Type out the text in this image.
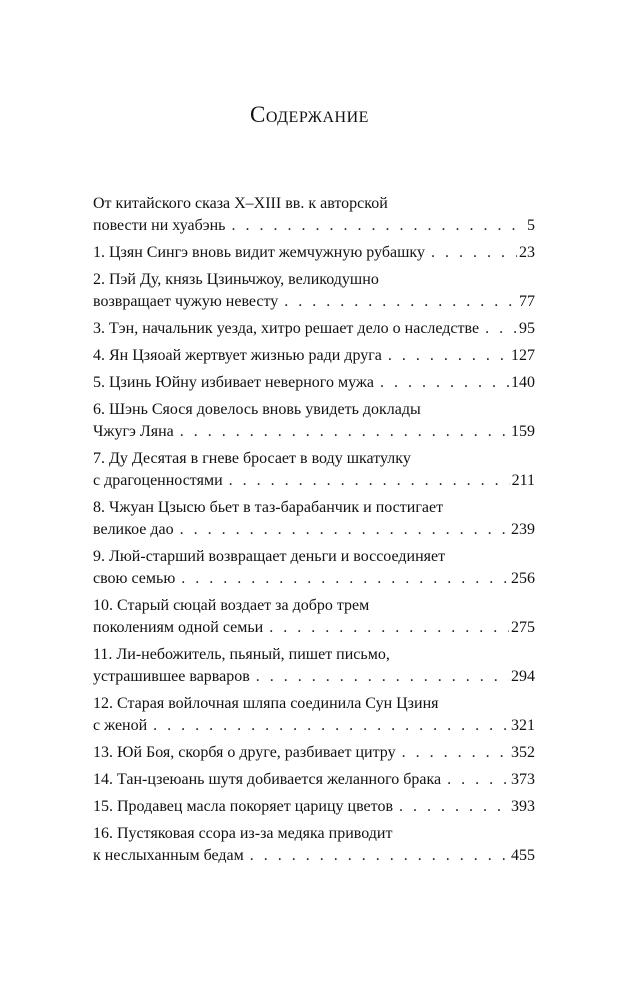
Содержание
От китайского сказа X–XIII вв. к авторской
повести ни хуабэнь . . .	5
1. Цзян Сингэ вновь видит жемчужную рубашку . . .	23
2. Пэй Ду, князь Цзиньчжоу, великодушно
возвращает чужую невесту . . .	77
3. Тэн, начальник уезда, хитро решает дело о наследстве . . . 95
4. Ян Цзяоай жертвует жизнью ради друга . . .	127
5. Цзинь Юйну избивает неверного мужа . . .	140
6. Шэнь Сяося довелось вновь увидеть доклады
Чжугэ Ляна . . .	159
7. Ду Десятая в гневе бросает в воду шкатулку
с драгоценностями . . .	211
8. Чжуан Цзысю бьет в таз-барабанчик и постигает
великое дао . . .	239
9. Люй-старший возвращает деньги и воссоединяет
свою семью . . .	256
10. Старый сюцай воздает за добро трем
поколениям одной семьи . . .	275
11. Ли-небожитель, пьяный, пишет письмо,
устрашившее варваров . . .	294
12. Старая войлочная шляпа соединила Сун Цзиня
с женой . . .	321
13. Юй Боя, скорбя о друге, разбивает цитру . . .	352
14. Тан-цзеюань шутя добивается желанного брака . . .	373
15. Продавец масла покоряет царицу цветов . . .	393
16. Пустяковая ссора из-за медяка приводит
к неслыханным бедам . . .	455
